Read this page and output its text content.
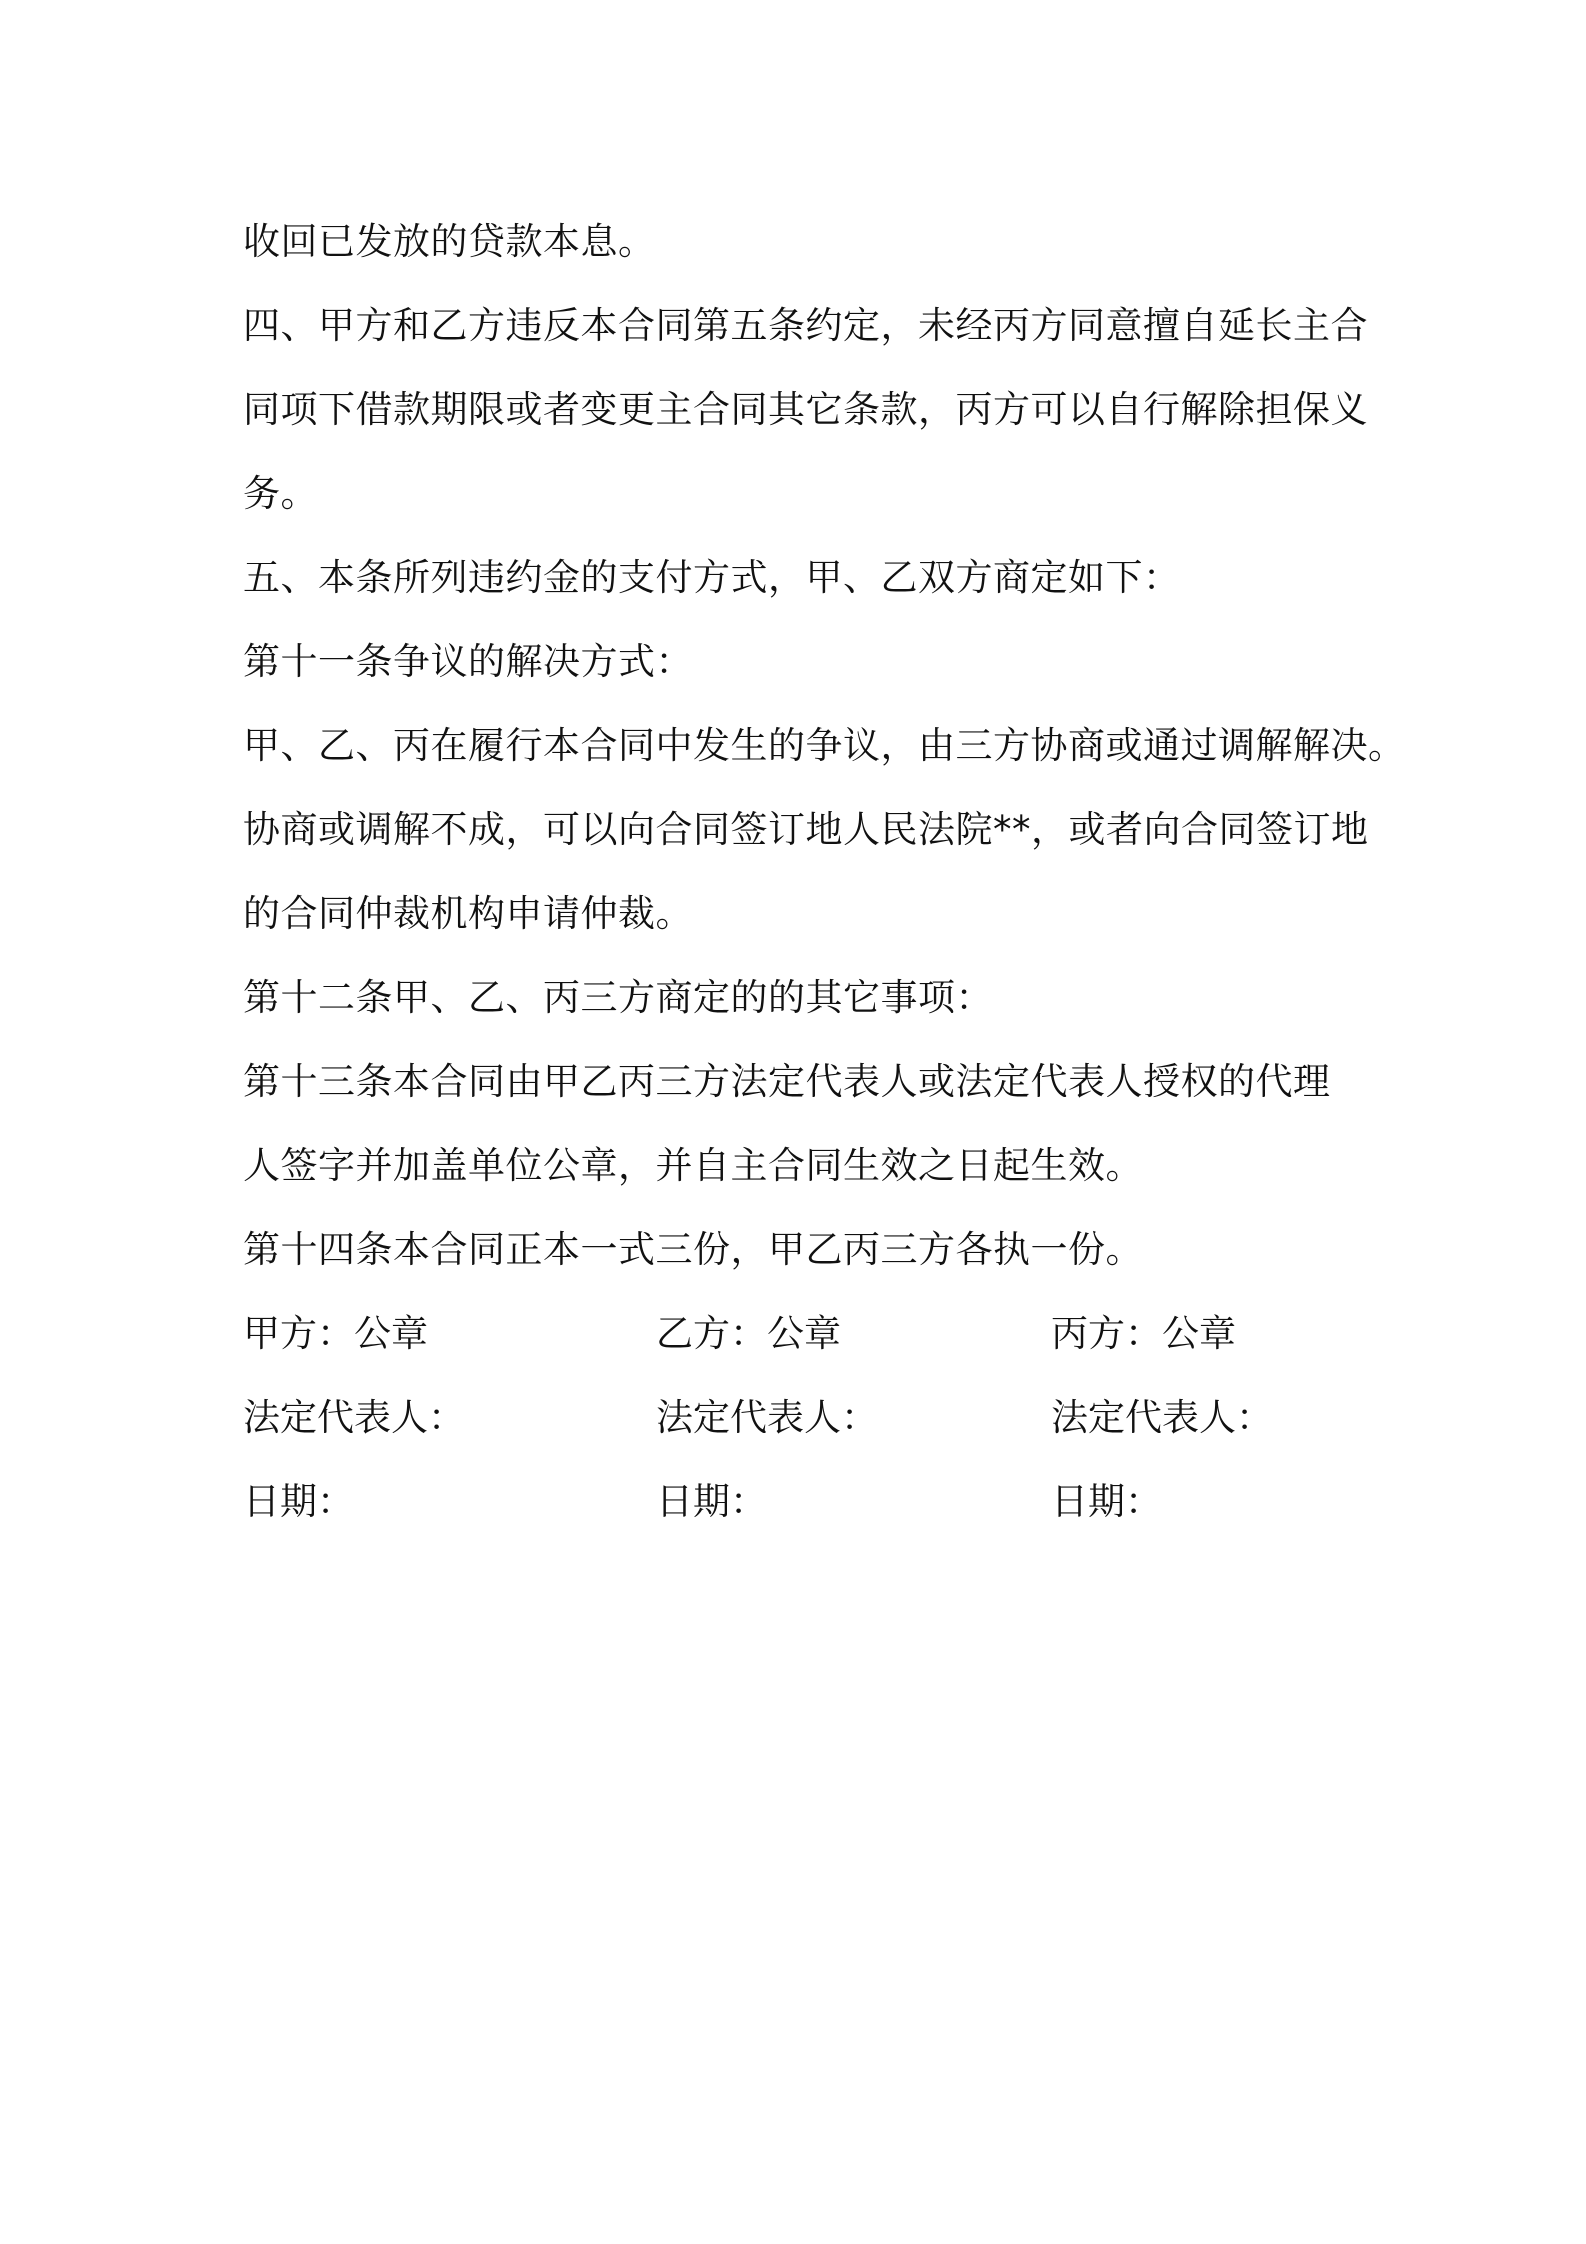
收回已发放的贷款本息。
四、甲方和乙方违反本合同第五条约定，未经丙方同意擅自延长主合
同项下借款期限或者变更主合同其它条款，丙方可以自行解除担保义
务。
五、本条所列违约金的支付方式，甲、乙双方商定如下：
第十一条争议的解决方式：
甲、乙、丙在履行本合同中发生的争议，由三方协商或通过调解解决。
协商或调解不成，可以向合同签订地人民法院**，或者向合同签订地
的合同仲裁机构申请仲裁。
第十二条甲、乙、丙三方商定的的其它事项：
第十三条本合同由甲乙丙三方法定代表人或法定代表人授权的代理
人签字并加盖单位公章，并自主合同生效之日起生效。
第十四条本合同正本一式三份，甲乙丙三方各执一份。
甲方：公章	乙方：公章	丙方：公章
法定代表人：	法定代表人：	法定代表人：
日期：	日期：	日期：
